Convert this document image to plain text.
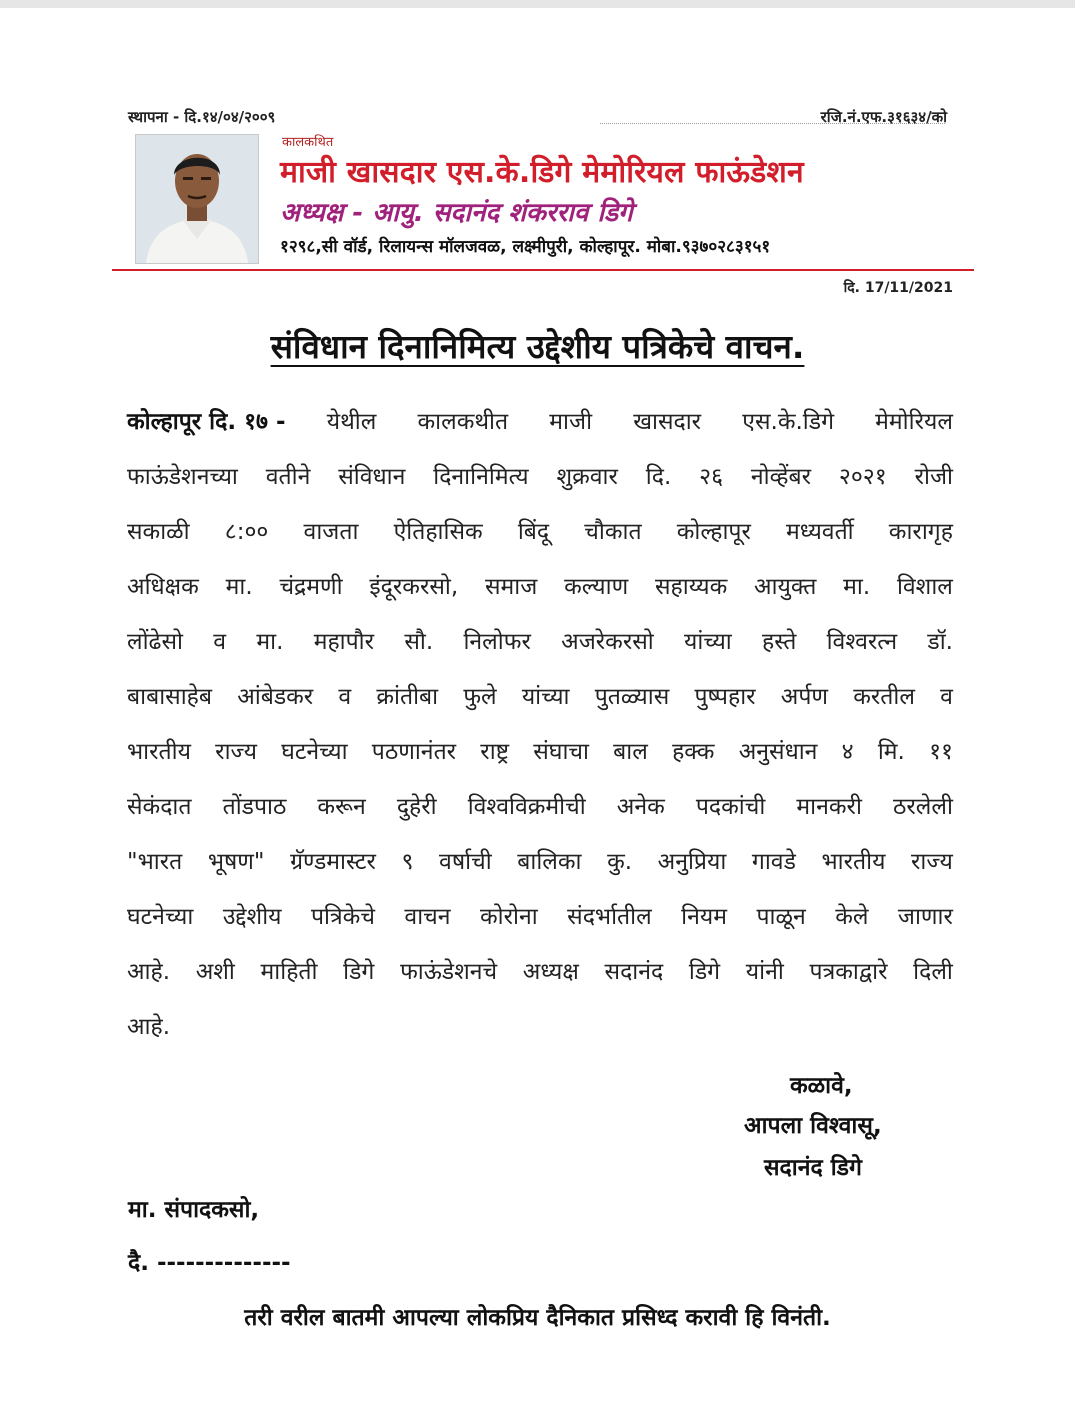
स्थापना - दि.१४/०४/२००९	रजि.नं.एफ.३१६३४/को
कालकथित
माजी खासदार एस.के.डिगे मेमोरियल फाऊंडेशन
अध्यक्ष - आयु. सदानंद शंकरराव डिगे
१२९८,सी वॉर्ड, रिलायन्स मॉलजवळ, लक्ष्मीपुरी, कोल्हापूर. मोबा.९३७०२८३१५१
दि. 17/11/2021
संविधान दिनानिमित्य उद्देशीय पत्रिकेचे वाचन.
कोल्हापूर दि. १७ - येथील कालकथीत माजी खासदार एस.के.डिगे मेमोरियल
फाऊंडेशनच्या वतीने संविधान दिनानिमित्य शुक्रवार दि. २६ नोव्हेंबर २०२१ रोजी
सकाळी ८:०० वाजता ऐतिहासिक बिंदू चौकात कोल्हापूर मध्यवर्ती कारागृह
अधिक्षक मा. चंद्रमणी इंदूरकरसो, समाज कल्याण सहाय्यक आयुक्त मा. विशाल
लोंढेसो व मा. महापौर सौ. निलोफर अजरेकरसो यांच्या हस्ते विश्वरत्न डॉ.
बाबासाहेब आंबेडकर व क्रांतीबा फुले यांच्या पुतळ्यास पुष्पहार अर्पण करतील व
भारतीय राज्य घटनेच्या पठणानंतर राष्ट्र संघाचा बाल हक्क अनुसंधान ४ मि. ११
सेकंदात तोंडपाठ करून दुहेरी विश्वविक्रमीची अनेक पदकांची मानकरी ठरलेली
"भारत भूषण" ग्रॅण्डमास्टर ९ वर्षाची बालिका कु. अनुप्रिया गावडे भारतीय राज्य
घटनेच्या उद्देशीय पत्रिकेचे वाचन कोरोना संदर्भातील नियम पाळून केले जाणार
आहे. अशी माहिती डिगे फाऊंडेशनचे अध्यक्ष सदानंद डिगे यांनी पत्रकाद्वारे दिली
आहे.
कळावे,
आपला विश्वासू,
सदानंद डिगे
मा. संपादकसो,
दै. --------------
तरी वरील बातमी आपल्या लोकप्रिय दैनिकात प्रसिध्द करावी हि विनंती.
